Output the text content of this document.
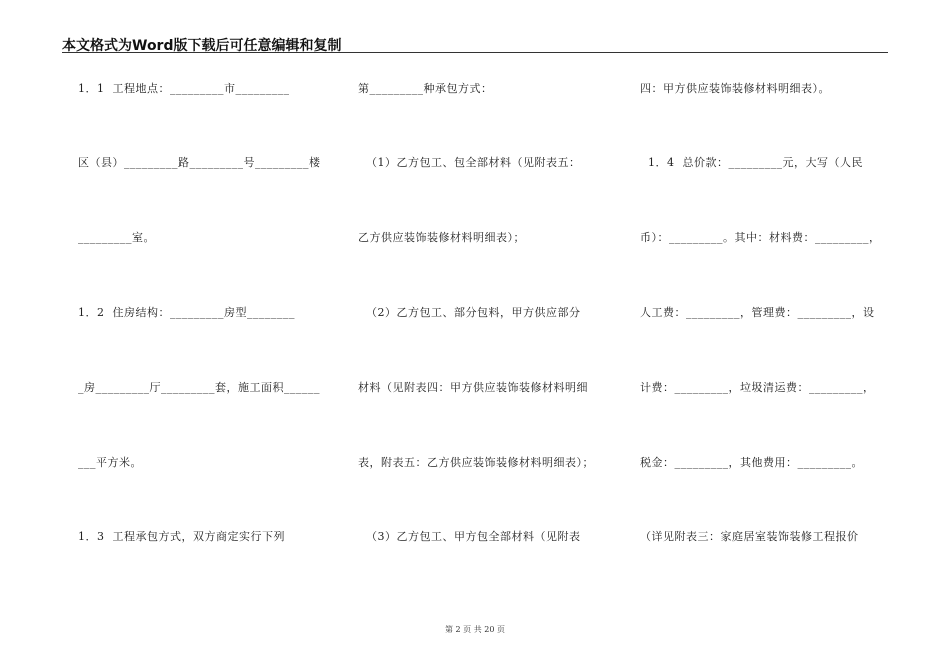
本文格式为Word版下载后可任意编辑和复制
1．1  工程地点：_________市_________
区（县）_________路_________号_________楼
_________室。
1．2  住房结构：_________房型________
_房_________厅_________套，施工面积______
___平方米。
1．3  工程承包方式，双方商定实行下列
第_________种承包方式：
（1）乙方包工、包全部材料（见附表五：
乙方供应装饰装修材料明细表）；
（2）乙方包工、部分包料，甲方供应部分
材料（见附表四：甲方供应装饰装修材料明细
表，附表五：乙方供应装饰装修材料明细表）；
（3）乙方包工、甲方包全部材料（见附表
四：甲方供应装饰装修材料明细表）。
1．4  总价款：_________元，大写（人民
币）：_________。其中：材料费：_________，
人工费：_________，管理费：_________，设
计费：_________，垃圾清运费：_________，
税金：_________，其他费用：_________。
（详见附表三：家庭居室装饰装修工程报价
第 2 页 共 20 页
